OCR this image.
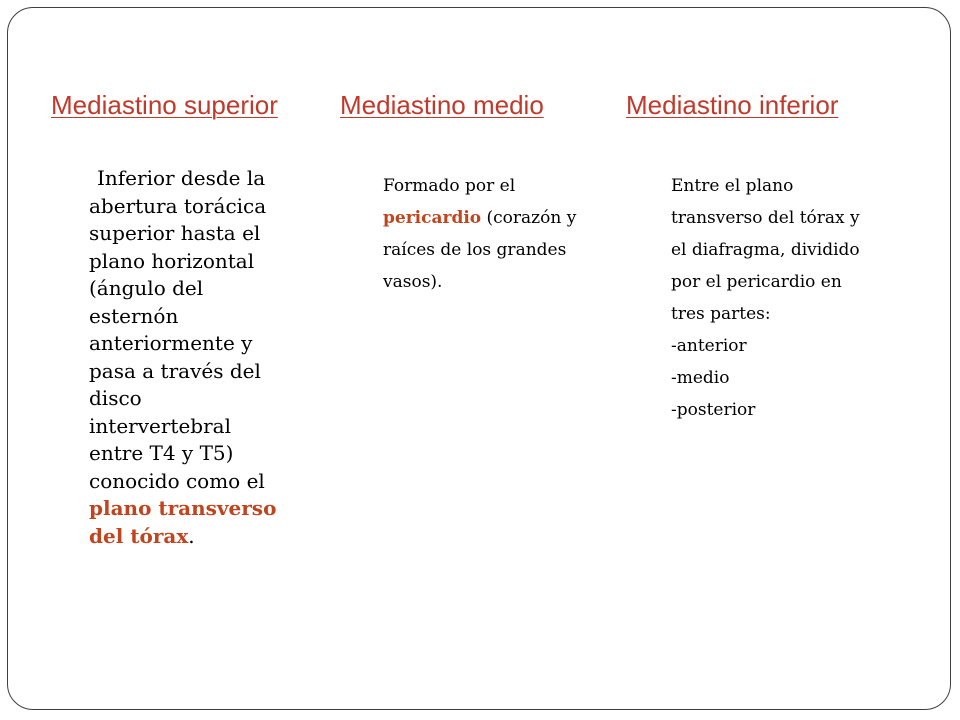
Mediastino superior Mediastino medio	Mediastino inferior

Inferior desde la abertura torácica superior hasta el plano horizontal (ángulo del esternón anteriormente y pasa a través del disco intervertebral entre T4 y T5) conocido como el plano transverso del tórax.

Formado por el pericardio (corazón y raíces de los grandes vasos).

Entre el plano transverso del tórax y el diafragma, dividido por el pericardio en tres partes:
-anterior
-medio
-posterior
